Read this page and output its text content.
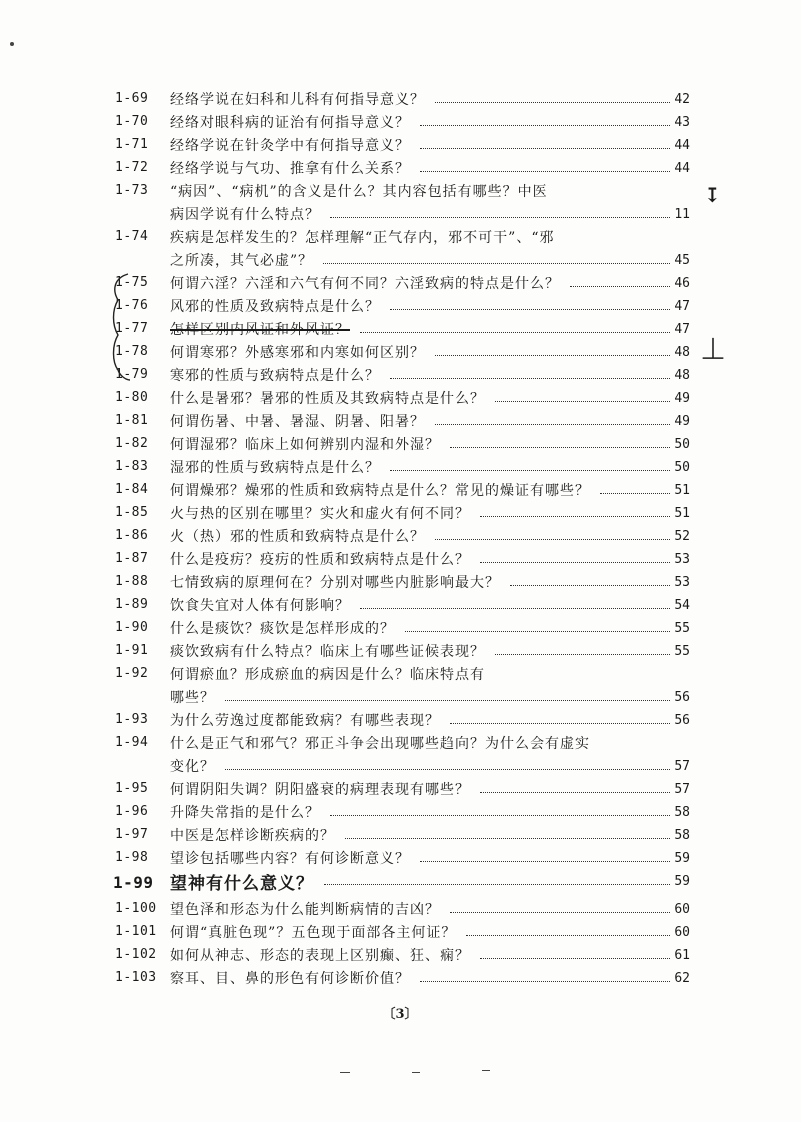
1-69 经络学说在妇科和儿科有何指导意义？	42
1-70 经络对眼科病的证治有何指导意义？	43
1-71 经络学说在针灸学中有何指导意义？	44
1-72 经络学说与气功、推拿有什么关系？	44
1-73 “病因”、“病机”的含义是什么？其内容包括有哪些？中医
病因学说有什么特点？	11
1-74 疾病是怎样发生的？怎样理解“正气存内，邪不可干”、“邪
之所凑，其气必虚”？	45
1-75 何谓六淫？六淫和六气有何不同？六淫致病的特点是什么？	46
1-76 风邪的性质及致病特点是什么？	47
1-77 怎样区别内风证和外风证？	47
1-78 何谓寒邪？外感寒邪和内寒如何区别？	48
1-79 寒邪的性质与致病特点是什么？	48
1-80 什么是暑邪？暑邪的性质及其致病特点是什么？	49
1-81 何谓伤暑、中暑、暑湿、阴暑、阳暑？	49
1-82 何谓湿邪？临床上如何辨别内湿和外湿？	50
1-83 湿邪的性质与致病特点是什么？	50
1-84 何谓燥邪？燥邪的性质和致病特点是什么？常见的燥证有哪些？	51
1-85 火与热的区别在哪里？实火和虚火有何不同？	51
1-86 火（热）邪的性质和致病特点是什么？	52
1-87 什么是疫疠？疫疠的性质和致病特点是什么？	53
1-88 七情致病的原理何在？分别对哪些内脏影响最大？	53
1-89 饮食失宜对人体有何影响？	54
1-90 什么是痰饮？痰饮是怎样形成的？	55
1-91 痰饮致病有什么特点？临床上有哪些证候表现？	55
1-92 何谓瘀血？形成瘀血的病因是什么？临床特点有
哪些？	56
1-93 为什么劳逸过度都能致病？有哪些表现？	56
1-94 什么是正气和邪气？邪正斗争会出现哪些趋向？为什么会有虚实
变化？	57
1-95 何谓阴阳失调？阴阳盛衰的病理表现有哪些？	57
1-96 升降失常指的是什么？	58
1-97 中医是怎样诊断疾病的？	58
1-98 望诊包括哪些内容？有何诊断意义？	59
1-99 望神有什么意义？	59
1-100 望色泽和形态为什么能判断病情的吉凶？	60
1-101 何谓“真脏色现”？五色现于面部各主何证？	60
1-102 如何从神志、形态的表现上区别癫、狂、痫？	61
1-103 察耳、目、鼻的形色有何诊断价值？	62
〔3〕
↧
⏊
